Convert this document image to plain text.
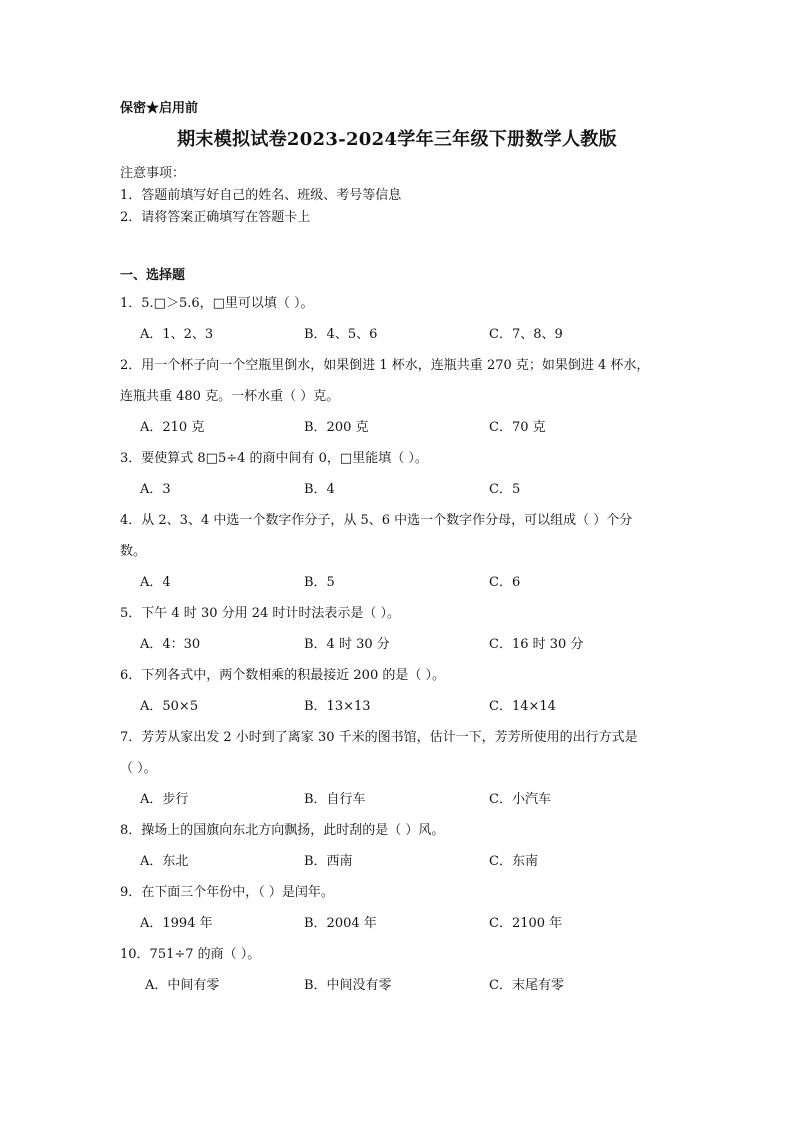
保密★启用前
期末模拟试卷2023-2024学年三年级下册数学人教版
注意事项：
1．答题前填写好自己的姓名、班级、考号等信息
2．请将答案正确填写在答题卡上
一、选择题
1．5.□＞5.6，□里可以填（ ）。
A．1、2、3	B．4、5、6	C．7、8、9
2．用一个杯子向一个空瓶里倒水，如果倒进 1 杯水，连瓶共重 270 克；如果倒进 4 杯水，
连瓶共重 480 克。一杯水重（ ）克。
A．210 克	B．200 克	C．70 克
3．要使算式 8□5÷4 的商中间有 0，□里能填（ ）。
A．3	B．4	C．5
4．从 2、3、4 中选一个数字作分子，从 5、6 中选一个数字作分母，可以组成（ ）个分
数。
A．4	B．5	C．6
5．下午 4 时 30 分用 24 时计时法表示是（ ）。
A．4：30	B．4 时 30 分	C．16 时 30 分
6．下列各式中，两个数相乘的积最接近 200 的是（ ）。
A．50×5	B．13×13	C．14×14
7．芳芳从家出发 2 小时到了离家 30 千米的图书馆，估计一下，芳芳所使用的出行方式是
（ ）。
A．步行	B．自行车	C．小汽车
8．操场上的国旗向东北方向飘扬，此时刮的是（ ）风。
A．东北	B．西南	C．东南
9．在下面三个年份中，（ ）是闰年。
A．1994 年	B．2004 年	C．2100 年
10．751÷7 的商（ ）。
A．中间有零	B．中间没有零	C．末尾有零
